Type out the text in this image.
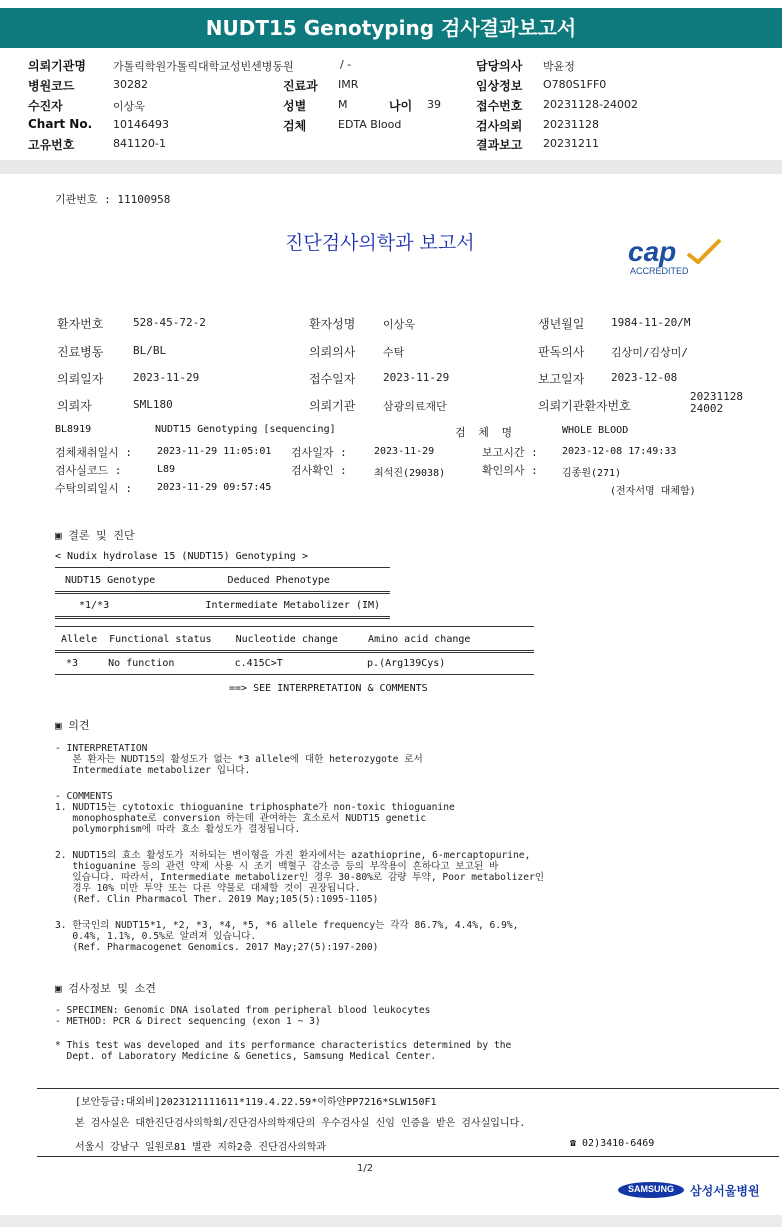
NUDT15 Genotyping 검사결과보고서
의뢰기관명 가톨릭학원가톨릭대학교성빈센병동원	/ -	담당의사 박윤정
병원코드	30282	진료과 IMR	임상정보 O780S1FF0
수진자	이상욱	성별	M	나이 39	접수번호 20231128-24002
Chart No. 10146493	검체	EDTA Blood	검사의뢰 20231128
고유번호	841120-1	결과보고 20231211
기관번호 : 11100958
진단검사의학과 보고서	cap
ACCREDITED
환자번호	528-45-72-2	환자성명	이상욱	생년월일 1984-11-20/M
진료병동	BL/BL	의뢰의사	수탁	판독의사 김상미/김상미/
의뢰일자	2023-11-29	접수일자	2023-11-29	보고일자 2023-12-08
의뢰자	SML180	의뢰기관	삼광의료재단	의뢰기관환자번호
2023112824002
BL8919	NUDT15 Genotyping [sequencing]	검 체 명	WHOLE BLOOD
검체채취일시 : 2023-11-29 11:05:01 검사일자 :	2023-11-29	보고시간 : 2023-12-08 17:49:33
검사실코드 :	L89	검사확인 :	최석진(29038)	확인의사 : 김종원(271)
수탁의뢰일시 : 2023-11-29 09:57:45	(전자서명 대체함)
▣ 결론 및 진단
< Nudix hydrolase 15 (NUDT15) Genotyping >
NUDT15 Genotype            Deduced Phenotype
*1/*3                Intermediate Metabolizer (IM)
Allele  Functional status    Nucleotide change     Amino acid change
*3     No function          c.415C>T              p.(Arg139Cys)
==> SEE INTERPRETATION & COMMENTS
▣ 의견
- INTERPRETATION
본 환자는 NUDT15의 활성도가 없는 *3 allele에 대한 heterozygote 로서
Intermediate metabolizer 입니다.
- COMMENTS
1. NUDT15는 cytotoxic thioguanine triphosphate가 non-toxic thioguanine
monophosphate로 conversion 하는데 관여하는 효소로서 NUDT15 genetic
polymorphism에 따라 효소 활성도가 결정됩니다.
2. NUDT15의 효소 활성도가 저하되는 변이형을 가진 환자에서는 azathioprine, 6-mercaptopurine,
thioguanine 등의 관련 약제 사용 시 조기 백혈구 감소증 등의 부작용이 흔하다고 보고된 바
있습니다. 따라서, Intermediate metabolizer인 경우 30-80%로 감량 투약, Poor metabolizer인
경우 10% 미만 투약 또는 다른 약물로 대체할 것이 권장됩니다.
(Ref. Clin Pharmacol Ther. 2019 May;105(5):1095-1105)
3. 한국인의 NUDT15*1, *2, *3, *4, *5, *6 allele frequency는 각각 86.7%, 4.4%, 6.9%,
0.4%, 1.1%, 0.5%로 알려져 있습니다.
(Ref. Pharmacogenet Genomics. 2017 May;27(5):197-200)
▣ 검사정보 및 소견
- SPECIMEN: Genomic DNA isolated from peripheral blood leukocytes
- METHOD: PCR & Direct sequencing (exon 1 ~ 3)
* This test was developed and its performance characteristics determined by the
Dept. of Laboratory Medicine & Genetics, Samsung Medical Center.
[보안등급:대외비]2023121111611*119.4.22.59*이하얀PP7216*SLW150F1
본 검사실은 대한진단검사의학회/진단검사의학재단의 우수검사실 신임 인증을 받은 검사실입니다.
서울시 강남구 일원로81 별관 지하2층 진단검사의학과	☎ 02)3410-6469
1/2
SAMSUNG	삼성서울병원
